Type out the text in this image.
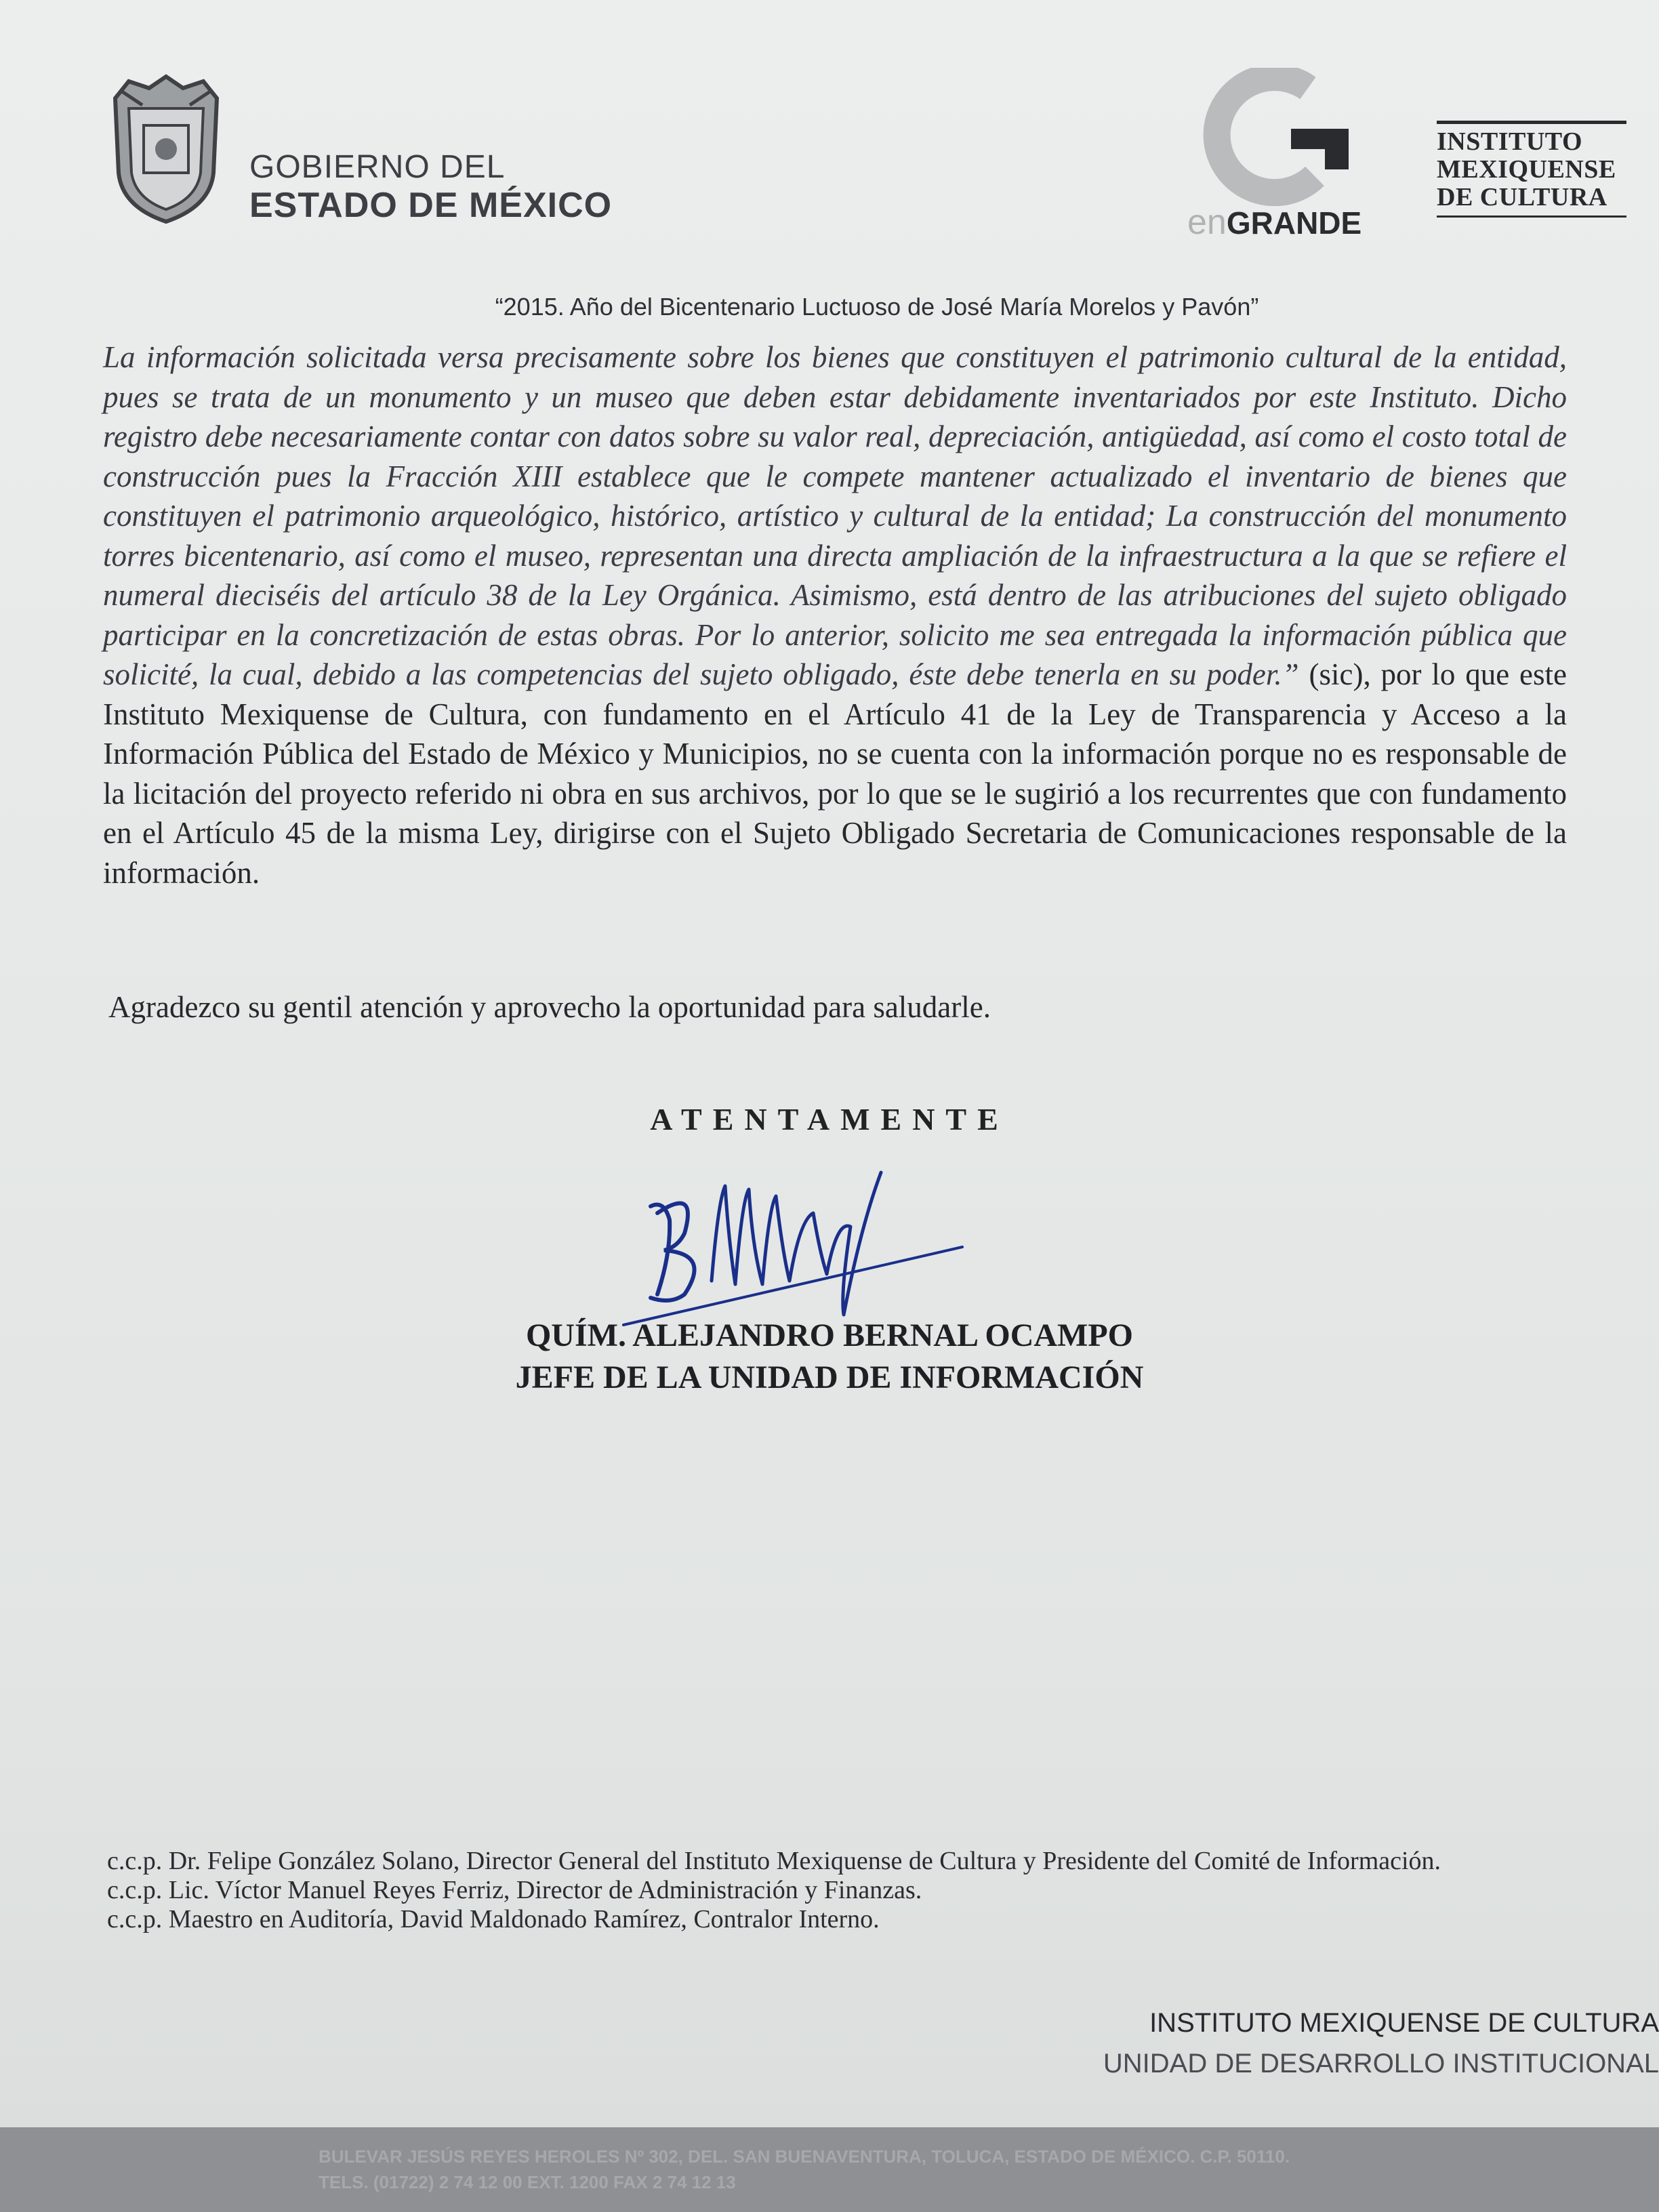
GOBIERNO DEL
ESTADO DE MÉXICO	enGRANDE
INSTITUTO
MEXIQUENSE
DE CULTURA
“2015. Año del Bicentenario Luctuoso de José María Morelos y Pavón”
La información solicitada versa precisamente sobre los bienes que constituyen el patrimonio cultural de la entidad, pues se trata de un monumento y un museo que deben estar debidamente inventariados por este Instituto. Dicho registro debe necesariamente contar con datos sobre su valor real, depreciación, antigüedad, así como el costo total de construcción pues la Fracción XIII establece que le compete mantener actualizado el inventario de bienes que constituyen el patrimonio arqueológico, histórico, artístico y cultural de la entidad; La construcción del monumento torres bicentenario, así como el museo, representan una directa ampliación de la infraestructura a la que se refiere el numeral dieciséis del artículo 38 de la Ley Orgánica. Asimismo, está dentro de las atribuciones del sujeto obligado participar en la concretización de estas obras. Por lo anterior, solicito me sea entregada la información pública que solicité, la cual, debido a las competencias del sujeto obligado, éste debe tenerla en su poder.” (sic), por lo que este Instituto Mexiquense de Cultura, con fundamento en el Artículo 41 de la Ley de Transparencia y Acceso a la Información Pública del Estado de México y Municipios, no se cuenta con la información porque no es responsable de la licitación del proyecto referido ni obra en sus archivos, por lo que se le sugirió a los recurrentes que con fundamento en el Artículo 45 de la misma Ley, dirigirse con el Sujeto Obligado Secretaria de Comunicaciones responsable de la información.
Agradezco su gentil atención y aprovecho la oportunidad para saludarle.
ATENTAMENTE
QUÍM. ALEJANDRO BERNAL OCAMPO
JEFE DE LA UNIDAD DE INFORMACIÓN
c.c.p. Dr. Felipe González Solano, Director General del Instituto Mexiquense de Cultura y Presidente del Comité de Información.
c.c.p. Lic. Víctor Manuel Reyes Ferriz, Director de Administración y Finanzas.
c.c.p. Maestro en Auditoría, David Maldonado Ramírez, Contralor Interno.
INSTITUTO MEXIQUENSE DE CULTURA
UNIDAD DE DESARROLLO INSTITUCIONAL
BULEVAR JESÚS REYES HEROLES Nº 302, DEL. SAN BUENAVENTURA, TOLUCA, ESTADO DE MÉXICO. C.P. 50110.
TELS. (01722) 2 74 12 00 EXT. 1200 FAX 2 74 12 13
